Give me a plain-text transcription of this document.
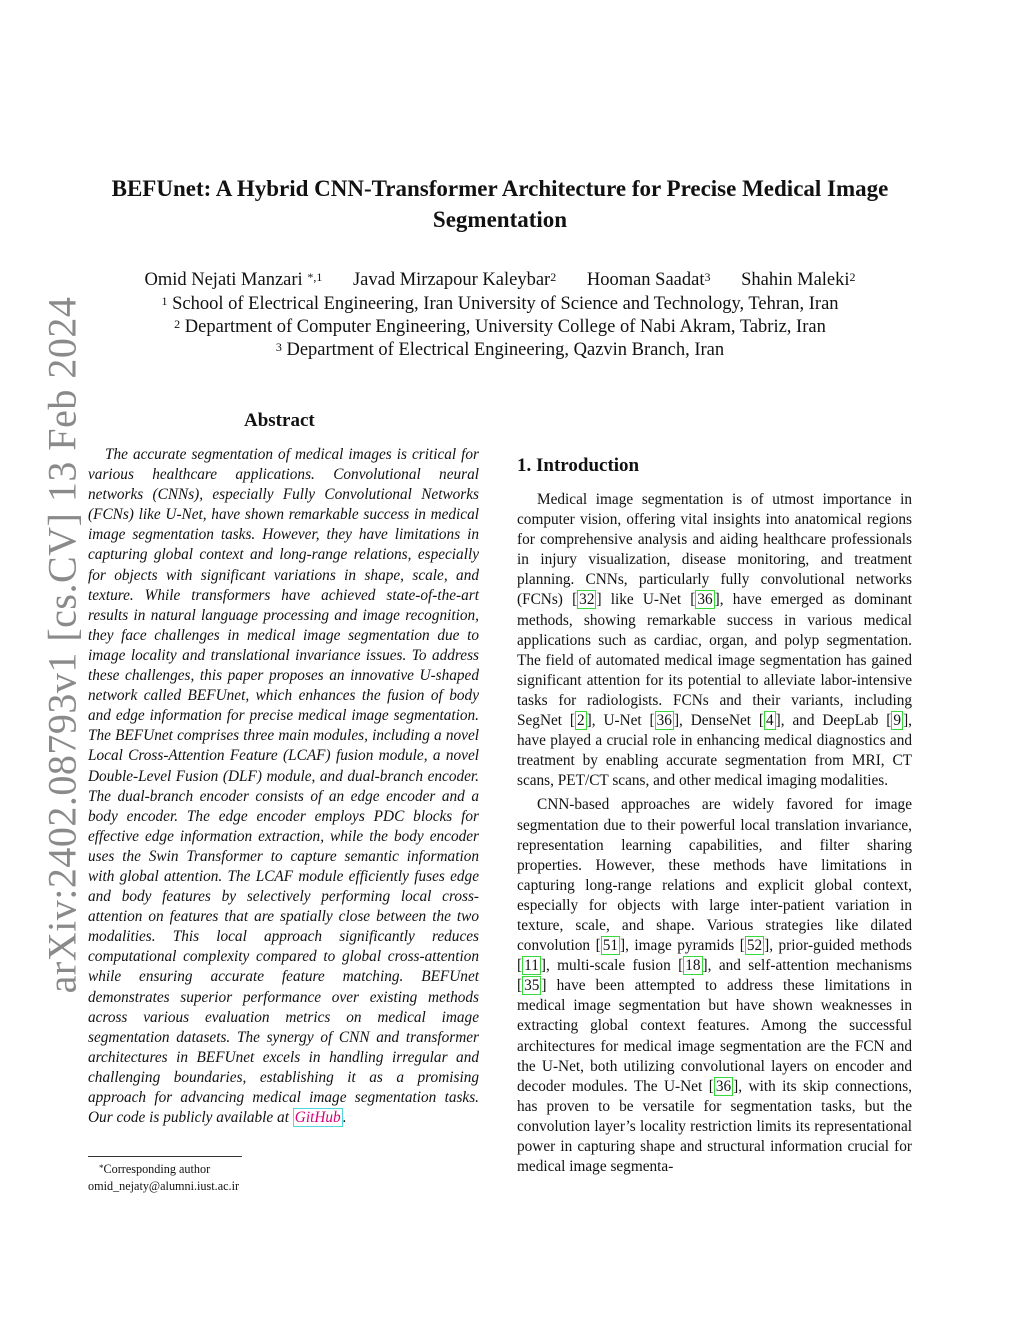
arXiv:2402.08793v1 [cs.CV] 13 Feb 2024
BEFUnet: A Hybrid CNN-Transformer Architecture for Precise Medical Image Segmentation
Omid Nejati Manzari $^{*,1}$ Javad Mirzapour Kaleybar$^2$ Hooman Saadat$^3$ Shahin Maleki$^2$
$^1$ School of Electrical Engineering, Iran University of Science and Technology, Tehran, Iran
$^2$ Department of Computer Engineering, University College of Nabi Akram, Tabriz, Iran
$^3$ Department of Electrical Engineering, Qazvin Branch, Iran
Abstract

The accurate segmentation of medical images is critical for various healthcare applications. Convolutional neural networks (CNNs), especially Fully Convolutional Networks (FCNs) like U-Net, have shown remarkable success in medical image segmentation tasks. However, they have limitations in capturing global context and long-range relations, especially for objects with significant variations in shape, scale, and texture. While transformers have achieved state-of-the-art results in natural language processing and image recognition, they face challenges in medical image segmentation due to image locality and translational invariance issues. To address these challenges, this paper proposes an innovative U-shaped network called BEFUnet, which enhances the fusion of body and edge information for precise medical image segmentation. The BEFUnet comprises three main modules, including a novel Local Cross-Attention Feature (LCAF) fusion module, a novel Double-Level Fusion (DLF) module, and dual-branch encoder. The dual-branch encoder consists of an edge encoder and a body encoder. The edge encoder employs PDC blocks for effective edge information extraction, while the body encoder uses the Swin Transformer to capture semantic information with global attention. The LCAF module efficiently fuses edge and body features by selectively performing local cross-attention on features that are spatially close between the two modalities. This local approach significantly reduces computational complexity compared to global cross-attention while ensuring accurate feature matching. BEFUnet demonstrates superior performance over existing methods across various evaluation metrics on medical image segmentation datasets. The synergy of CNN and transformer architectures in BEFUnet excels in handling irregular and challenging boundaries, establishing it as a promising approach for advancing medical image segmentation tasks. Our code is publicly available at GitHub .

*Corresponding author
omid_nejaty@alumni.iust.ac.ir
1. Introduction

Medical image segmentation is of utmost importance in computer vision, offering vital insights into anatomical regions for comprehensive analysis and aiding healthcare professionals in injury visualization, disease monitoring, and treatment planning. CNNs, particularly fully convolutional networks (FCNs) [ 32 ] like U-Net [ 36 ], have emerged as dominant methods, showing remarkable success in various medical applications such as cardiac, organ, and polyp segmentation. The field of automated medical image segmentation has gained significant attention for its potential to alleviate labor-intensive tasks for radiologists. FCNs and their variants, including SegNet [ 2 ], U-Net [ 36 ], DenseNet [ 4 ], and DeepLab [ 9 ], have played a crucial role in enhancing medical diagnostics and treatment by enabling accurate segmentation from MRI, CT scans, PET/CT scans, and other medical imaging modalities.

CNN-based approaches are widely favored for image segmentation due to their powerful local translation invariance, representation learning capabilities, and filter sharing properties. However, these methods have limitations in capturing long-range relations and explicit global context, especially for objects with large inter-patient variation in texture, scale, and shape. Various strategies like dilated convolution [ 51 ], image pyramids [ 52 ], prior-guided methods [ 11 ], multi-scale fusion [ 18 ], and self-attention mechanisms [ 35 ] have been attempted to address these limitations in medical image segmentation but have shown weaknesses in extracting global context features. Among the successful architectures for medical image segmentation are the FCN and the U-Net, both utilizing convolutional layers on encoder and decoder modules. The U-Net [ 36 ], with its skip connections, has proven to be versatile for segmentation tasks, but the convolution layer’s locality restriction limits its representational power in capturing shape and structural information crucial for medical image segmenta-
